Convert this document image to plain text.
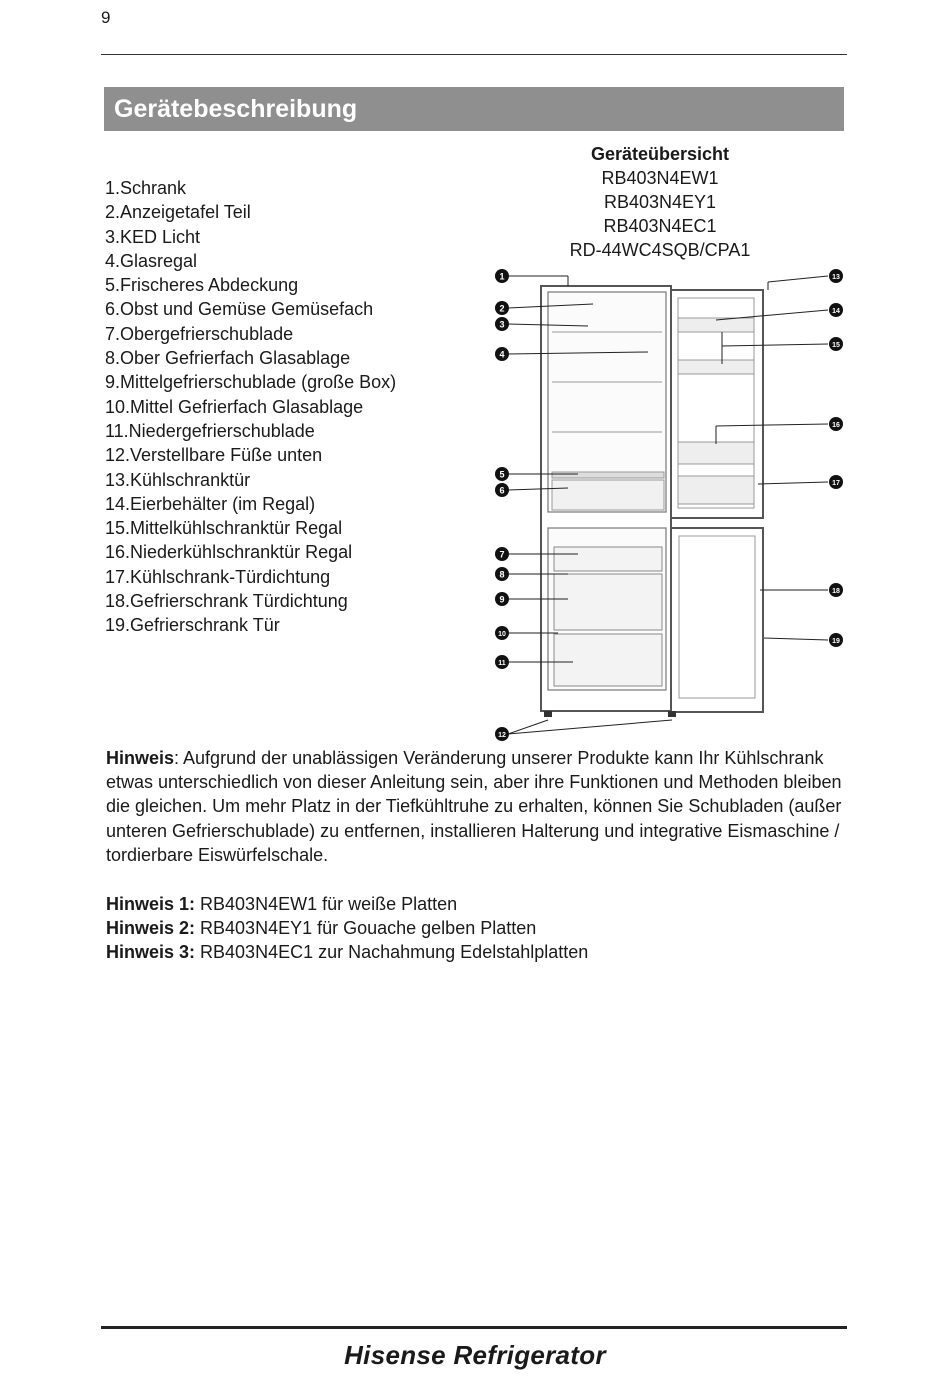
9
Gerätebeschreibung
1.Schrank
2.Anzeigetafel Teil
3.KED Licht
4.Glasregal
5.Frischeres Abdeckung
6.Obst und Gemüse Gemüsefach
7.Obergefrierschublade
8.Ober Gefrierfach Glasablage
9.Mittelgefrierschublade (große Box)
10.Mittel Gefrierfach Glasablage
11.Niedergefrierschublade
12.Verstellbare Füße unten
13.Kühlschranktür
14.Eierbehälter (im Regal)
15.Mittelkühlschranktür Regal
16.Niederkühlschranktür Regal
17.Kühlschrank-Türdichtung
18.Gefrierschrank Türdichtung
19.Gefrierschrank Tür
Geräteübersicht
RB403N4EW1
RB403N4EY1
RB403N4EC1
RD-44WC4SQB/CPA1
1
2
3
4
5
6
7
8
9
10
11
12
13
14
15
16
17
18
19
Hinweis: Aufgrund der unablässigen Veränderung unserer Produkte kann Ihr Kühlschrank etwas unterschiedlich von dieser Anleitung sein, aber ihre Funktionen und Methoden bleiben die gleichen. Um mehr Platz in der Tiefkühltruhe zu erhalten, können Sie Schubladen (außer unteren Gefrierschublade) zu entfernen, installieren Halterung und integrative Eismaschine / tordierbare Eiswürfelschale.
Hinweis 1: RB403N4EW1 für weiße Platten
Hinweis 2: RB403N4EY1 für Gouache gelben Platten
Hinweis 3: RB403N4EC1 zur Nachahmung Edelstahlplatten
Hisense Refrigerator
